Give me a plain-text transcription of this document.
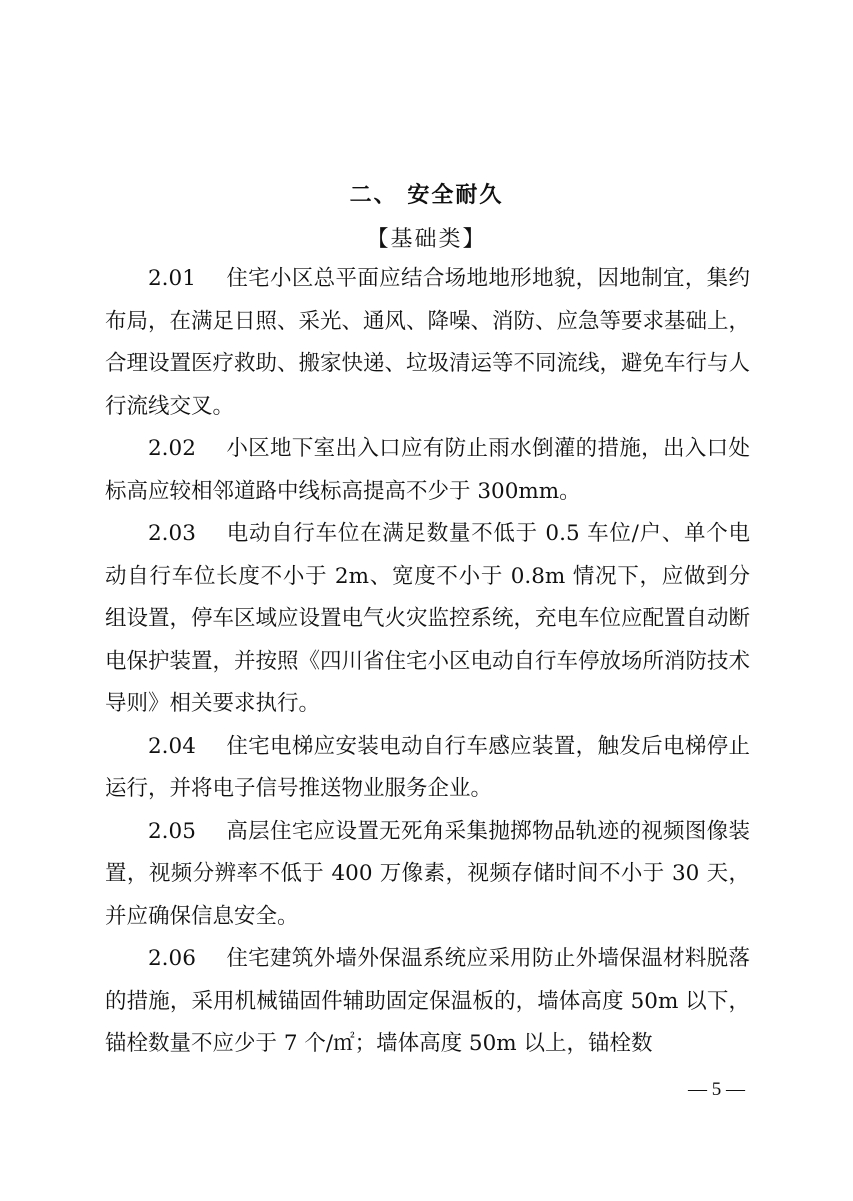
二、 安全耐久
【基础类】

2.01 住宅小区总平面应结合场地地形地貌，因地制宜，集约布局，在满足日照、采光、通风、降噪、消防、应急等要求基础上，合理设置医疗救助、搬家快递、垃圾清运等不同流线，避免车行与人行流线交叉。

2.02 小区地下室出入口应有防止雨水倒灌的措施，出入口处标高应较相邻道路中线标高提高不少于 300mm。

2.03 电动自行车位在满足数量不低于 0.5 车位/户、单个电动自行车位长度不小于 2m、宽度不小于 0.8m 情况下，应做到分组设置，停车区域应设置电气火灾监控系统，充电车位应配置自动断电保护装置，并按照《四川省住宅小区电动自行车停放场所消防技术导则》相关要求执行。

2.04 住宅电梯应安装电动自行车感应装置，触发后电梯停止运行，并将电子信号推送物业服务企业。

2.05 高层住宅应设置无死角采集抛掷物品轨迹的视频图像装置，视频分辨率不低于 400 万像素，视频存储时间不小于 30 天，并应确保信息安全。

2.06 住宅建筑外墙外保温系统应采用防止外墙保温材料脱落的措施，采用机械锚固件辅助固定保温板的，墙体高度 50m 以下，锚栓数量不应少于 7 个/㎡；墙体高度 50m 以上，锚栓数

— 5 —
